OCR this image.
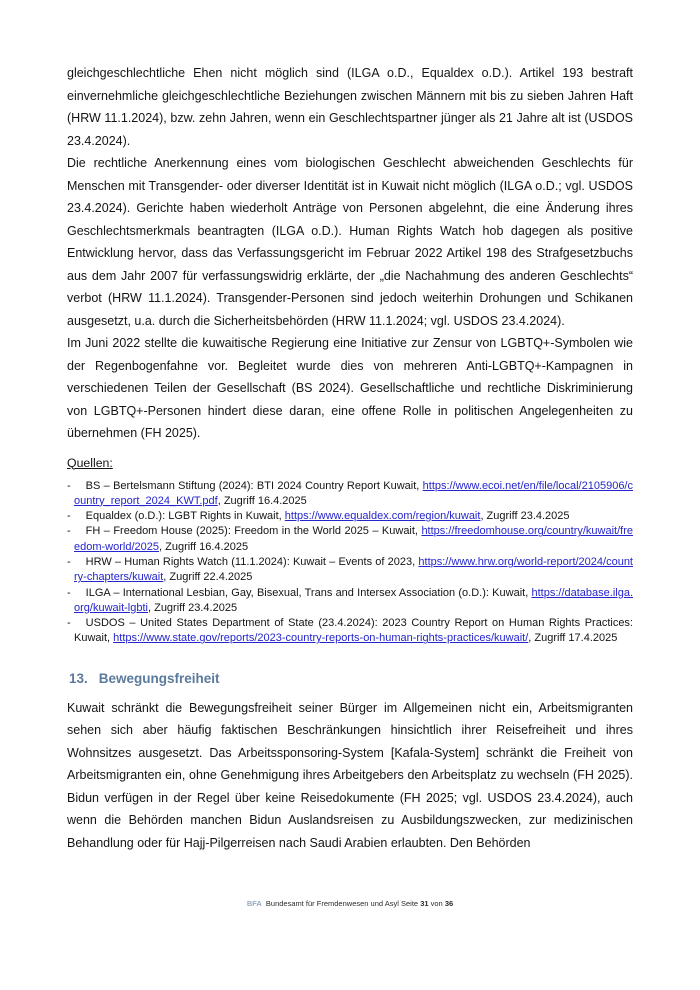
gleichgeschlechtliche Ehen nicht möglich sind (ILGA o.D., Equaldex o.D.). Artikel 193 bestraft einvernehmliche gleichgeschlechtliche Beziehungen zwischen Männern mit bis zu sieben Jahren Haft (HRW 11.1.2024), bzw. zehn Jahren, wenn ein Geschlechtspartner jünger als 21 Jahre alt ist (USDOS 23.4.2024).

Die rechtliche Anerkennung eines vom biologischen Geschlecht abweichenden Geschlechts für Menschen mit Transgender- oder diverser Identität ist in Kuwait nicht möglich (ILGA o.D.; vgl. USDOS 23.4.2024). Gerichte haben wiederholt Anträge von Personen abgelehnt, die eine Änderung ihres Geschlechtsmerkmals beantragten (ILGA o.D.). Human Rights Watch hob dagegen als positive Entwicklung hervor, dass das Verfassungsgericht im Februar 2022 Artikel 198 des Strafgesetzbuchs aus dem Jahr 2007 für verfassungswidrig erklärte, der „die Nachahmung des anderen Geschlechts“ verbot (HRW 11.1.2024). Transgender-Personen sind jedoch weiterhin Drohungen und Schikanen ausgesetzt, u.a. durch die Sicherheitsbehörden (HRW 11.1.2024; vgl. USDOS 23.4.2024).

Im Juni 2022 stellte die kuwaitische Regierung eine Initiative zur Zensur von LGBTQ+-Symbolen wie der Regenbogenfahne vor. Begleitet wurde dies von mehreren Anti-LGBTQ+-Kampagnen in verschiedenen Teilen der Gesellschaft (BS 2024). Gesellschaftliche und rechtliche Diskriminierung von LGBTQ+-Personen hindert diese daran, eine offene Rolle in politischen Angelegenheiten zu übernehmen (FH 2025).

Quellen:
- BS – Bertelsmann Stiftung (2024): BTI 2024 Country Report Kuwait, https://www.ecoi.net/en/file/local/2105906/country_report_2024_KWT.pdf, Zugriff 16.4.2025
- Equaldex (o.D.): LGBT Rights in Kuwait, https://www.equaldex.com/region/kuwait, Zugriff 23.4.2025
- FH – Freedom House (2025): Freedom in the World 2025 – Kuwait, https://freedomhouse.org/country/kuwait/freedom-world/2025, Zugriff 16.4.2025
- HRW – Human Rights Watch (11.1.2024): Kuwait – Events of 2023, https://www.hrw.org/world-report/2024/country-chapters/kuwait, Zugriff 22.4.2025
- ILGA – International Lesbian, Gay, Bisexual, Trans and Intersex Association (o.D.): Kuwait, https://database.ilga.org/kuwait-lgbti, Zugriff 23.4.2025
- USDOS – United States Department of State (23.4.2024): 2023 Country Report on Human Rights Practices: Kuwait, https://www.state.gov/reports/2023-country-reports-on-human-rights-practices/kuwait/, Zugriff 17.4.2025
13. Bewegungsfreiheit

Kuwait schränkt die Bewegungsfreiheit seiner Bürger im Allgemeinen nicht ein, Arbeitsmigranten sehen sich aber häufig faktischen Beschränkungen hinsichtlich ihrer Reisefreiheit und ihres Wohnsitzes ausgesetzt. Das Arbeitssponsoring-System [Kafala-System] schränkt die Freiheit von Arbeitsmigranten ein, ohne Genehmigung ihres Arbeitgebers den Arbeitsplatz zu wechseln (FH 2025). Bidun verfügen in der Regel über keine Reisedokumente (FH 2025; vgl. USDOS 23.4.2024), auch wenn die Behörden manchen Bidun Auslandsreisen zu Ausbildungszwecken, zur medizinischen Behandlung oder für Hajj-Pilgerreisen nach Saudi Arabien erlaubten. Den Behörden

BFA Bundesamt für Fremdenwesen und Asyl Seite 31 von 36
